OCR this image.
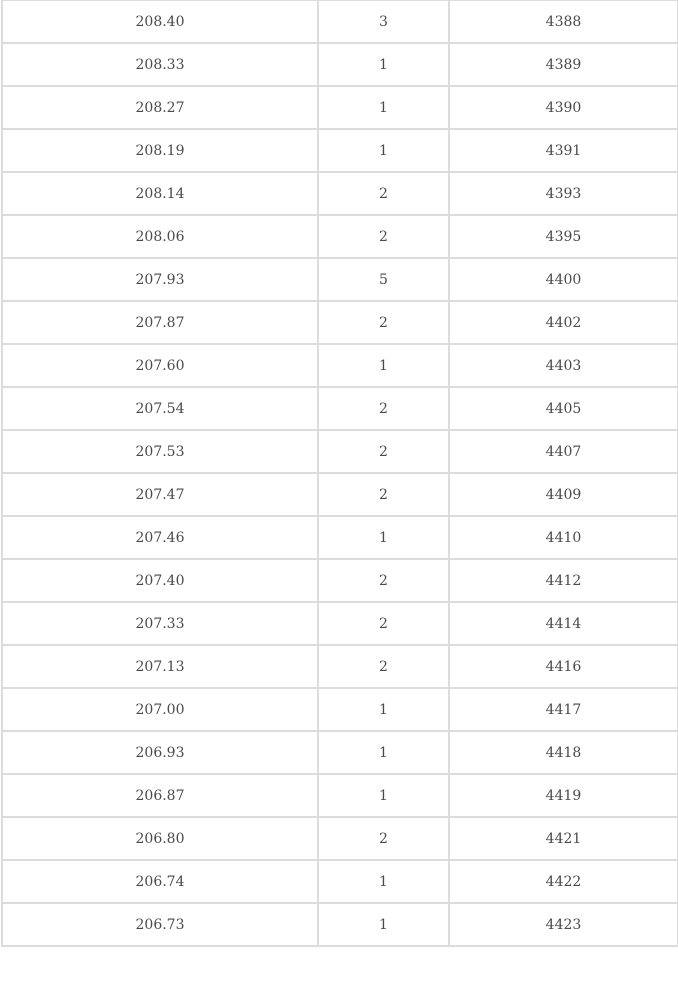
208.40	3	4388
208.33	1	4389
208.27	1	4390
208.19	1	4391
208.14	2	4393
208.06	2	4395
207.93	5	4400
207.87	2	4402
207.60	1	4403
207.54	2	4405
207.53	2	4407
207.47	2	4409
207.46	1	4410
207.40	2	4412
207.33	2	4414
207.13	2	4416
207.00	1	4417
206.93	1	4418
206.87	1	4419
206.80	2	4421
206.74	1	4422
206.73	1	4423
